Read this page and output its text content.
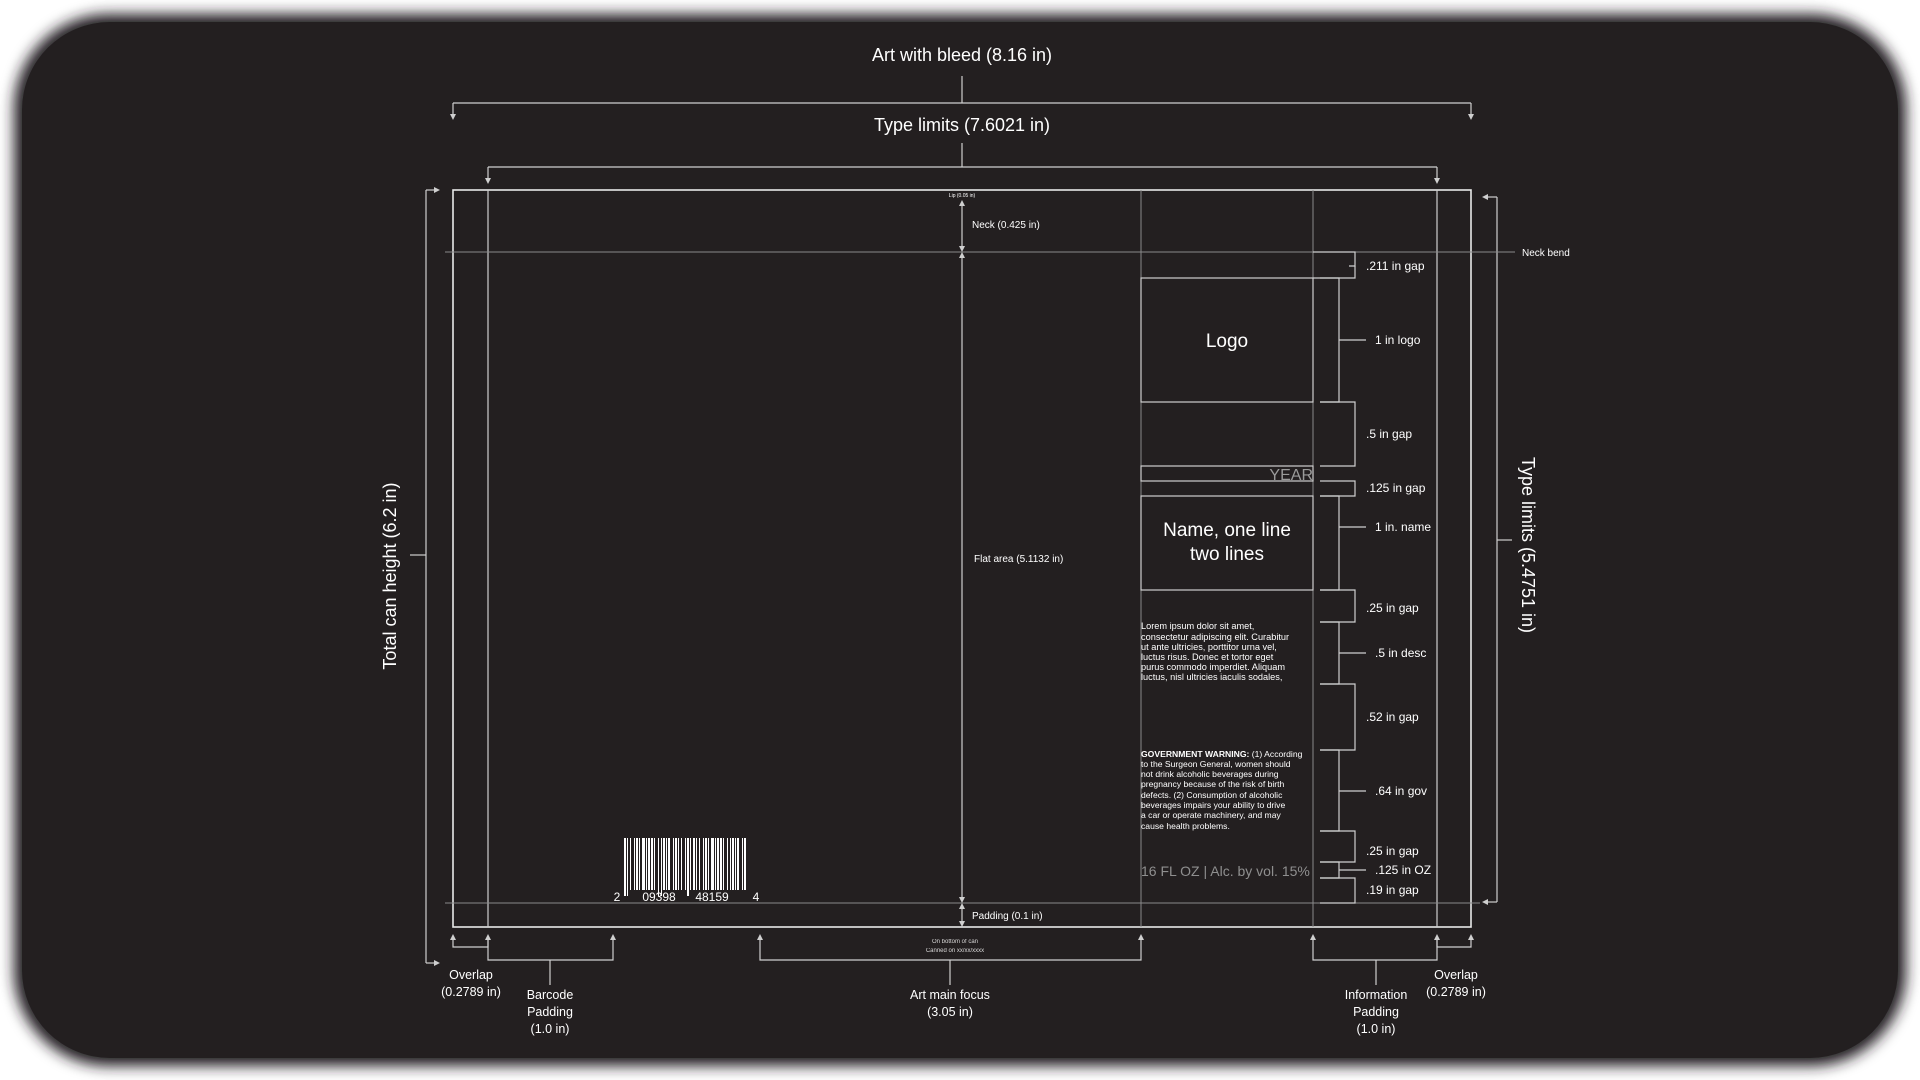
Art with bleed (8.16 in)
Type limits (7.6021 in)
Total can height (6.2 in)	Type limits (5.4751 in)
Neck bend
Lip (0.05 in)
Neck (0.425 in)
Flat area (5.1132 in)
Padding (0.1 in)
Logo
YEAR
Name, one line
two lines
Lorem ipsum dolor sit amet,
consectetur adipiscing elit. Curabitur
ut ante ultricies, porttitor urna vel,
luctus risus. Donec et tortor eget
purus commodo imperdiet. Aliquam
luctus, nisl ultricies iaculis sodales,
GOVERNMENT WARNING: (1) According
to the Surgeon General, women should
not drink alcoholic beverages during
pregnancy because of the risk of birth
defects. (2) Consumption of alcoholic
beverages impairs your ability to drive
a car or operate machinery, and may
cause health problems.
16 FL OZ | Alc. by vol. 15%
.211 in gap
1 in logo
.5 in gap
.125 in gap
1 in. name
.25 in gap
.5 in desc
.52 in gap
.64 in gov
.25 in gap
.125 in OZ
.19 in gap
2 09398 48159 4
On bottom of can
Canned on xx/xx/xxxx
Overlap
(0.2789 in) Barcode
Padding
(1.0 in)
Art main focus
(3.05 in)
Information
Padding
(1.0 in)
Overlap
(0.2789 in)
